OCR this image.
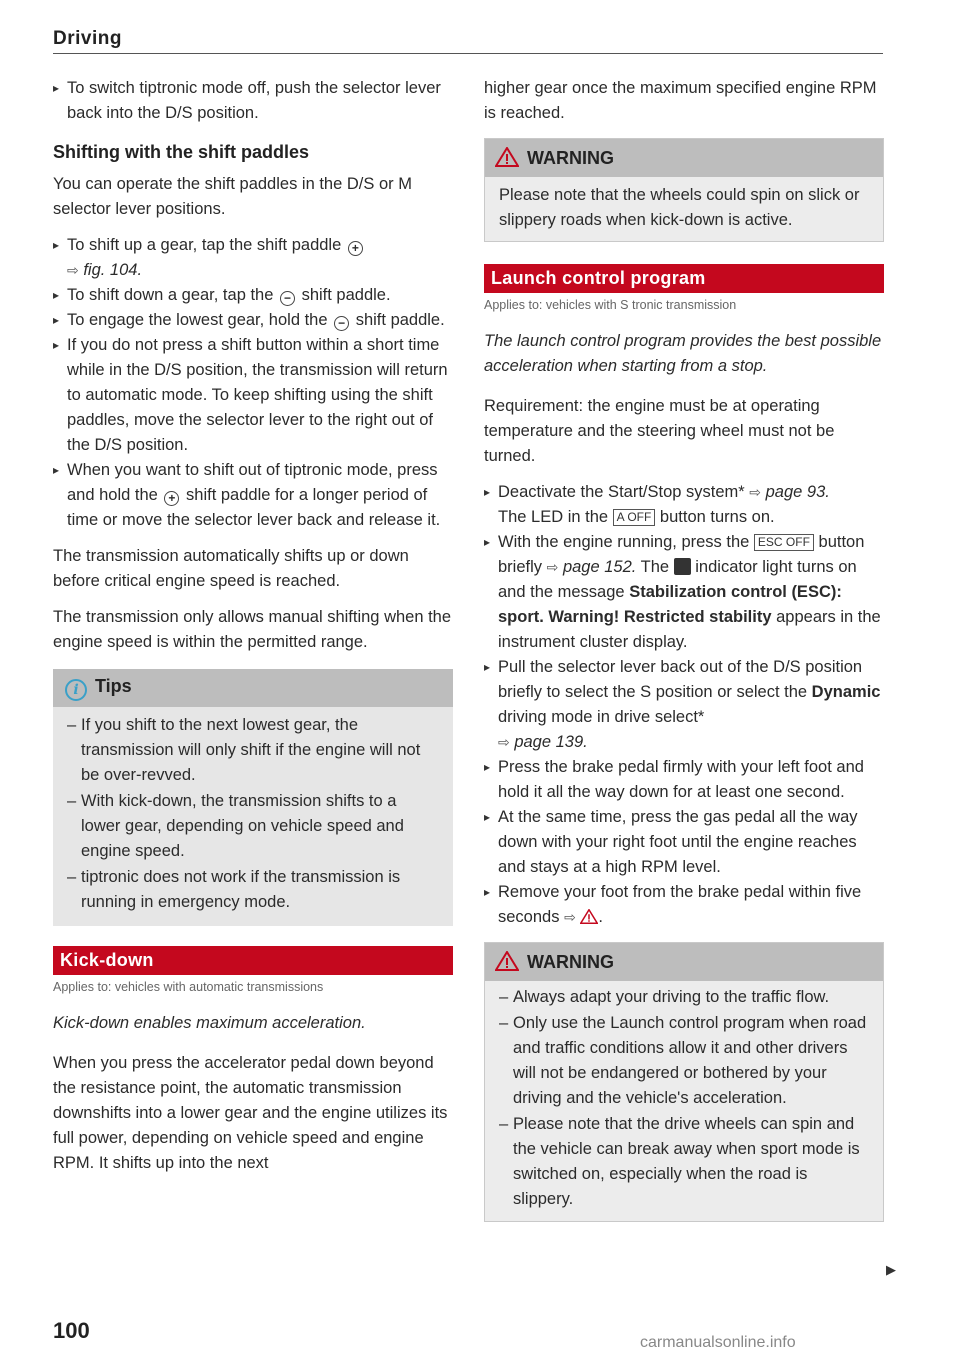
Driving
▸ To switch tiptronic mode off, push the selector lever back into the D/S position.
Shifting with the shift paddles

You can operate the shift paddles in the D/S or M selector lever positions.

▸ To shift up a gear, tap the shift paddle +
⇨ fig. 104.
▸ To shift down a gear, tap the − shift paddle.
▸ To engage the lowest gear, hold the − shift paddle.
▸ If you do not press a shift button within a short time while in the D/S position, the transmission will return to automatic mode. To keep shifting using the shift paddles, move the selector lever to the right out of the D/S position.
▸ When you want to shift out of tiptronic mode, press and hold the + shift paddle for a longer period of time or move the selector lever back and release it.

The transmission automatically shifts up or down before critical engine speed is reached.

The transmission only allows manual shifting when the engine speed is within the permitted range.

i Tips
– If you shift to the next lowest gear, the transmission will only shift if the engine will not be over-revved.
– With kick-down, the transmission shifts to a lower gear, depending on vehicle speed and engine speed.
– tiptronic does not work if the transmission is running in emergency mode.
Kick-down
Applies to: vehicles with automatic transmissions
Kick-down enables maximum acceleration.

When you press the accelerator pedal down beyond the resistance point, the automatic transmission downshifts into a lower gear and the engine utilizes its full power, depending on vehicle speed and engine RPM. It shifts up into the next

higher gear once the maximum specified engine RPM is reached.

WARNING
Please note that the wheels could spin on slick or slippery roads when kick-down is active.
Launch control program
Applies to: vehicles with S tronic transmission
The launch control program provides the best possible acceleration when starting from a stop.

Requirement: the engine must be at operating temperature and the steering wheel must not be turned.

▸ Deactivate the Start/Stop system* ⇨ page 93.
The LED in the A OFF button turns on.
▸ With the engine running, press the ESC OFF button briefly ⇨ page 152. The indicator light turns on and the message Stabilization control (ESC): sport. Warning! Restricted stability appears in the instrument cluster display.
▸ Pull the selector lever back out of the D/S position briefly to select the S position or select the Dynamic driving mode in drive select*
⇨ page 139.
▸ Press the brake pedal firmly with your left foot and hold it all the way down for at least one second.
▸ At the same time, press the gas pedal all the way down with your right foot until the engine reaches and stays at a high RPM level.
▸ Remove your foot from the brake pedal within five seconds ⇨ .
WARNING
– Always adapt your driving to the traffic flow.
– Only use the Launch control program when road and traffic conditions allow it and other drivers will not be endangered or bothered by your driving and the vehicle's acceleration.
– Please note that the drive wheels can spin and the vehicle can break away when sport mode is switched on, especially when the road is slippery.
▶
100	carmanualsonline.info
